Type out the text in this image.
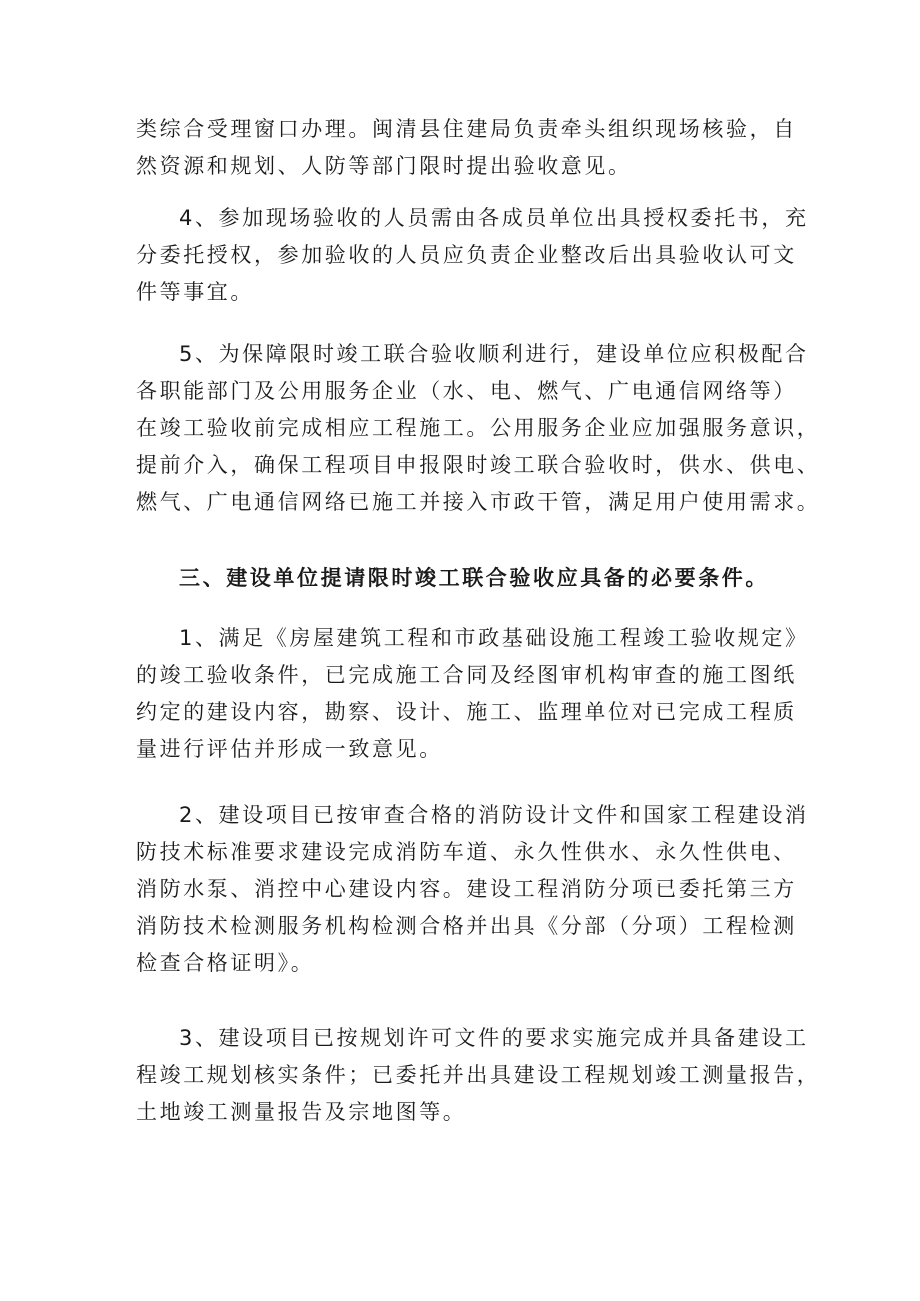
类综合受理窗口办理。闽清县住建局负责牵头组织现场核验，自
然资源和规划、人防等部门限时提出验收意见。
4、参加现场验收的人员需由各成员单位出具授权委托书，充
分委托授权，参加验收的人员应负责企业整改后出具验收认可文
件等事宜。
5、为保障限时竣工联合验收顺利进行，建设单位应积极配合
各职能部门及公用服务企业（水、电、燃气、广电通信网络等）
在竣工验收前完成相应工程施工。公用服务企业应加强服务意识，
提前介入，确保工程项目申报限时竣工联合验收时，供水、供电、
燃气、广电通信网络已施工并接入市政干管，满足用户使用需求。
三、建设单位提请限时竣工联合验收应具备的必要条件。
1、满足《房屋建筑工程和市政基础设施工程竣工验收规定》
的竣工验收条件，已完成施工合同及经图审机构审查的施工图纸
约定的建设内容，勘察、设计、施工、监理单位对已完成工程质
量进行评估并形成一致意见。
2、建设项目已按审查合格的消防设计文件和国家工程建设消
防技术标准要求建设完成消防车道、永久性供水、永久性供电、
消防水泵、消控中心建设内容。建设工程消防分项已委托第三方
消防技术检测服务机构检测合格并出具《分部（分项）工程检测
检查合格证明》。
3、建设项目已按规划许可文件的要求实施完成并具备建设工
程竣工规划核实条件；已委托并出具建设工程规划竣工测量报告，
土地竣工测量报告及宗地图等。
